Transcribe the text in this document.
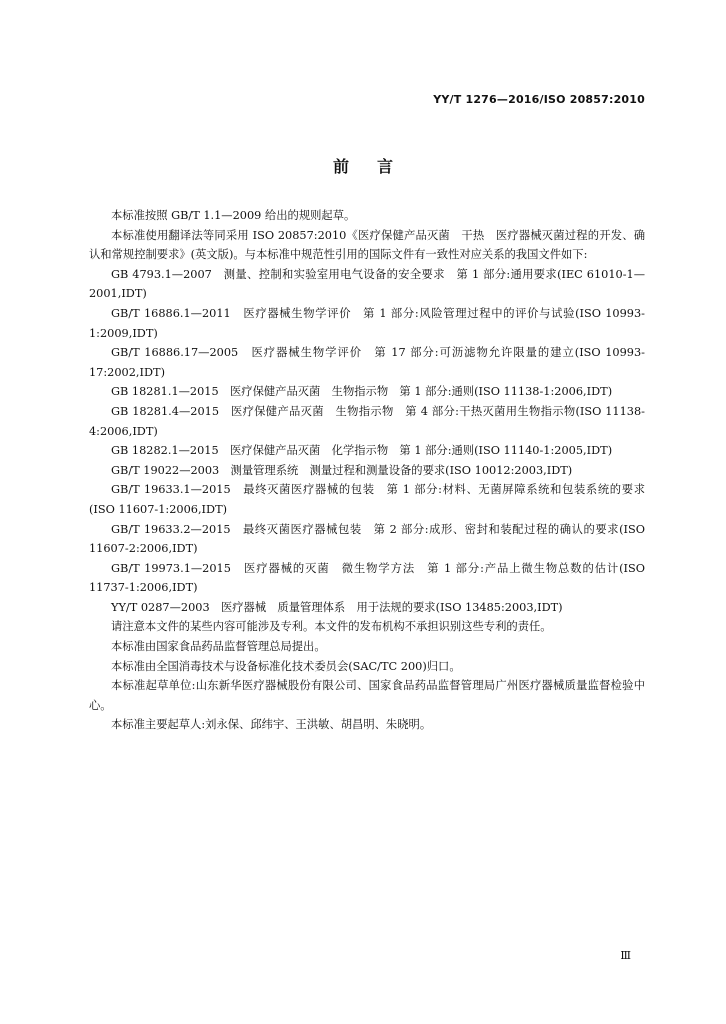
YY/T 1276—2016/ISO 20857:2010
前言

本标准按照 GB/T 1.1—2009 给出的规则起草。

本标准使用翻译法等同采用 ISO 20857:2010《医疗保健产品灭菌　干热　医疗器械灭菌过程的开发、确认和常规控制要求》(英文版)。与本标准中规范性引用的国际文件有一致性对应关系的我国文件如下:

GB 4793.1—2007　测量、控制和实验室用电气设备的安全要求　第 1 部分:通用要求(IEC 61010-1—2001,IDT)

GB/T 16886.1—2011　医疗器械生物学评价　第 1 部分:风险管理过程中的评价与试验(ISO 10993-1:2009,IDT)

GB/T 16886.17—2005　医疗器械生物学评价　第 17 部分:可沥滤物允许限量的建立(ISO 10993-17:2002,IDT)

GB 18281.1—2015　医疗保健产品灭菌　生物指示物　第 1 部分:通则(ISO 11138-1:2006,IDT)

GB 18281.4—2015　医疗保健产品灭菌　生物指示物　第 4 部分:干热灭菌用生物指示物(ISO 11138-4:2006,IDT)

GB 18282.1—2015　医疗保健产品灭菌　化学指示物　第 1 部分:通则(ISO 11140-1:2005,IDT)

GB/T 19022—2003　测量管理系统　测量过程和测量设备的要求(ISO 10012:2003,IDT)

GB/T 19633.1—2015　最终灭菌医疗器械的包装　第 1 部分:材料、无菌屏障系统和包装系统的要求(ISO 11607-1:2006,IDT)

GB/T 19633.2—2015　最终灭菌医疗器械包装　第 2 部分:成形、密封和装配过程的确认的要求(ISO 11607-2:2006,IDT)

GB/T 19973.1—2015　医疗器械的灭菌　微生物学方法　第 1 部分:产品上微生物总数的估计(ISO 11737-1:2006,IDT)

YY/T 0287—2003　医疗器械　质量管理体系　用于法规的要求(ISO 13485:2003,IDT)

请注意本文件的某些内容可能涉及专利。本文件的发布机构不承担识别这些专利的责任。

本标准由国家食品药品监督管理总局提出。

本标准由全国消毒技术与设备标准化技术委员会(SAC/TC 200)归口。

本标准起草单位:山东新华医疗器械股份有限公司、国家食品药品监督管理局广州医疗器械质量监督检验中心。

本标准主要起草人:刘永保、邱纬宇、王洪敏、胡昌明、朱晓明。

Ⅲ
